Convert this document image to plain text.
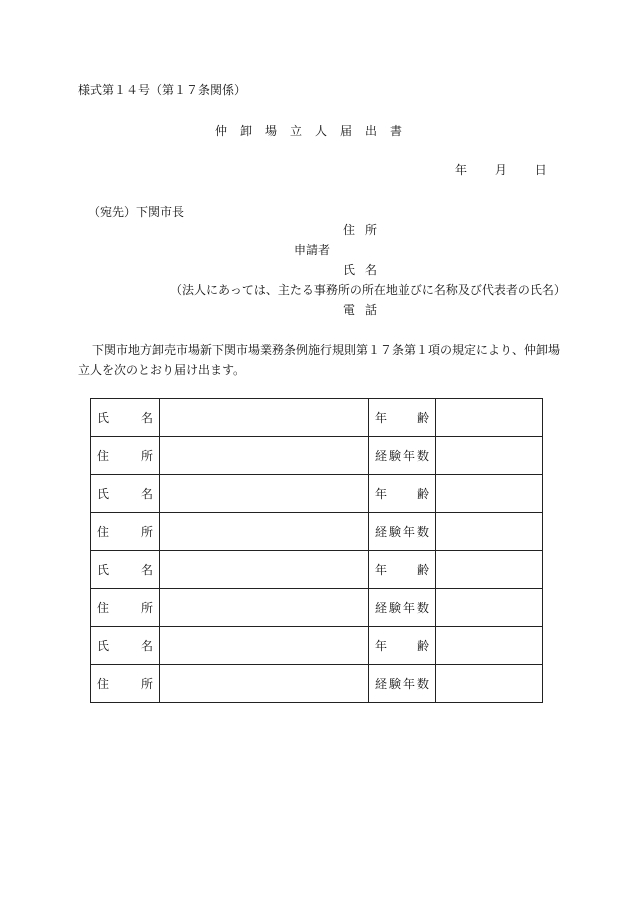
様式第１４号（第１７条関係）
仲卸場立人届出書
年 月 日
（宛先）下関市長
住所
申請者
氏名
（法人にあっては、主たる事務所の所在地並びに名称及び代表者の氏名）
電話
下関市地方卸売市場新下関市場業務条例施行規則第１７条第１項の規定により、仲卸場立人を次のとおり届け出ます。
氏 名		年 齢	

住 所		経 験 年 数	

氏 名		年 齢	

住 所		経 験 年 数	

氏 名		年 齢	

住 所		経 験 年 数	

氏 名		年 齢	

住 所		経 験 年 数	
